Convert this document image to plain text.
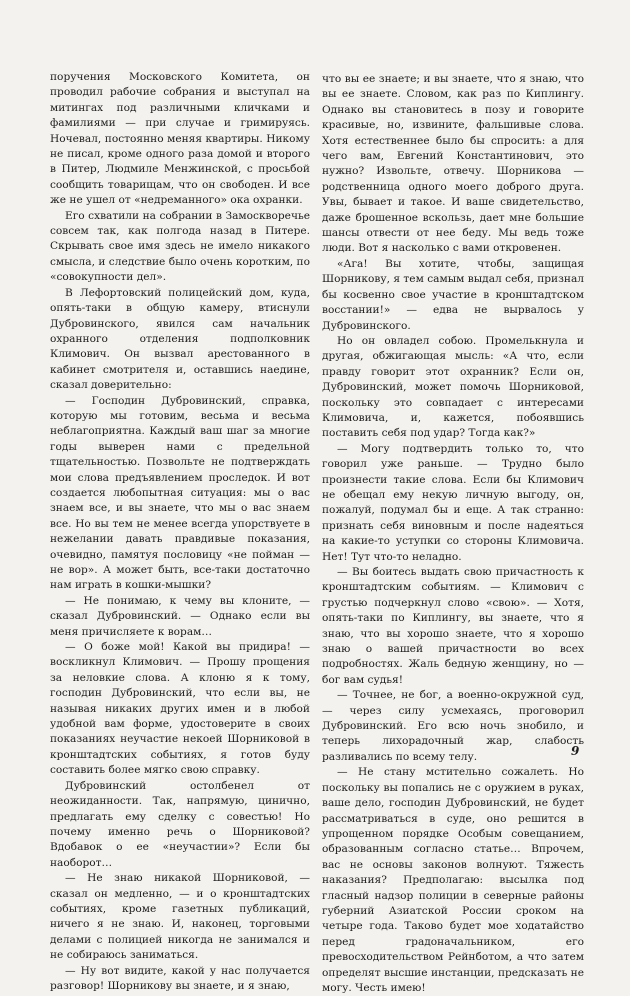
поручения Московского Комитета, он проводил рабочие собрания и выступал на митингах под различными кличками и фамилиями — при случае и гримируясь. Ночевал, постоянно меняя квартиры. Никому не писал, кроме одного раза домой и второго в Питер, Людмиле Менжинской, с просьбой сообщить товарищам, что он свободен. И все же не ушел от «недреманного» ока охранки.

Его схватили на собрании в Замоскворечье совсем так, как полгода назад в Питере. Скрывать свое имя здесь не имело никакого смысла, и следствие было очень коротким, по «совокупности дел».

В Лефортовский полицейский дом, куда, опять-таки в общую камеру, втиснули Дубровинского, явился сам начальник охранного отделения подполковник Климович. Он вызвал арестованного в кабинет смотрителя и, оставшись наедине, сказал доверительно:

— Господин Дубровинский, справка, которую мы готовим, весьма и весьма неблагоприятна. Каждый ваш шаг за многие годы выверен нами с предельной тщательностью. Позвольте не подтверждать мои слова предъявлением проследок. И вот создается любопытная ситуация: мы о вас знаем все, и вы знаете, что мы о вас знаем все. Но вы тем не менее всегда упорствуете в нежелании давать правдивые показания, очевидно, памятуя пословицу «не пойман — не вор». А может быть, все-таки достаточно нам играть в кошки-мышки?

— Не понимаю, к чему вы клоните, — сказал Дубровинский. — Однако если вы меня причисляете к ворам…

— О боже мой! Какой вы придира! — воскликнул Климович. — Прошу прощения за неловкие слова. А клоню я к тому, господин Дубровинский, что если вы, не называя никаких других имен и в любой удобной вам форме, удостоверите в своих показаниях неучастие некоей Шорниковой в кронштадтских событиях, я готов буду составить более мягко свою справку.

Дубровинский остолбенел от неожиданности. Так, напрямую, цинично, предлагать ему сделку с совестью! Но почему именно речь о Шорниковой? Вдобавок о ее «неучастии»? Если бы наоборот…

— Не знаю никакой Шорниковой, — сказал он медленно, — и о кронштадтских событиях, кроме газетных публикаций, ничего я не знаю. И, наконец, торговыми делами с полицией никогда не занимался и не собираюсь заниматься.

— Ну вот видите, какой у нас получается разговор! Шорникову вы знаете, и я знаю,

что вы ее знаете; и вы знаете, что я знаю, что вы ее знаете. Словом, как раз по Киплингу. Однако вы становитесь в позу и говорите красивые, но, извините, фальшивые слова. Хотя естественнее было бы спросить: а для чего вам, Евгений Константинович, это нужно? Извольте, отвечу. Шорникова — родственница одного моего доброго друга. Увы, бывает и такое. И ваше свидетельство, даже брошенное вскользь, дает мне большие шансы отвести от нее беду. Мы ведь тоже люди. Вот я насколько с вами откровенен.

«Ага! Вы хотите, чтобы, защищая Шорникову, я тем самым выдал себя, признал бы косвенно свое участие в кронштадтском восстании!» — едва не вырвалось у Дубровинского.

Но он овладел собою. Промелькнула и другая, обжигающая мысль: «А что, если правду говорит этот охранник? Если он, Дубровинский, может помочь Шорниковой, поскольку это совпадает с интересами Климовича, и, кажется, побоявшись поставить себя под удар? Тогда как?»

— Могу подтвердить только то, что говорил уже раньше. — Трудно было произнести такие слова. Если бы Климович не обещал ему некую личную выгоду, он, пожалуй, подумал бы и еще. А так странно: признать себя виновным и после надеяться на какие-то уступки со стороны Климовича. Нет! Тут что-то неладно.

— Вы боитесь выдать свою причастность к кронштадтским событиям. — Климович с грустью подчеркнул слово «свою». — Хотя, опять-таки по Киплингу, вы знаете, что я знаю, что вы хорошо знаете, что я хорошо знаю о вашей причастности во всех подробностях. Жаль бедную женщину, но — бог вам судья!

— Точнее, не бог, а военно-окружной суд, — через силу усмехаясь, проговорил Дубровинский. Его всю ночь знобило, и теперь лихорадочный жар, слабость разливались по всему телу.

— Не стану мстительно сожалеть. Но поскольку вы попались не с оружием в руках, ваше дело, господин Дубровинский, не будет рассматриваться в суде, оно решится в упрощенном порядке Особым совещанием, образованным согласно статье… Впрочем, вас не основы законов волнуют. Тяжесть наказания? Предполагаю: высылка под гласный надзор полиции в северные районы губерний Азиатской России сроком на четыре года. Таково будет мое ходатайство перед градоначальником, его превосходительством Рейнботом, а что затем определят высшие инстанции, предсказать не могу. Честь имею!

9
